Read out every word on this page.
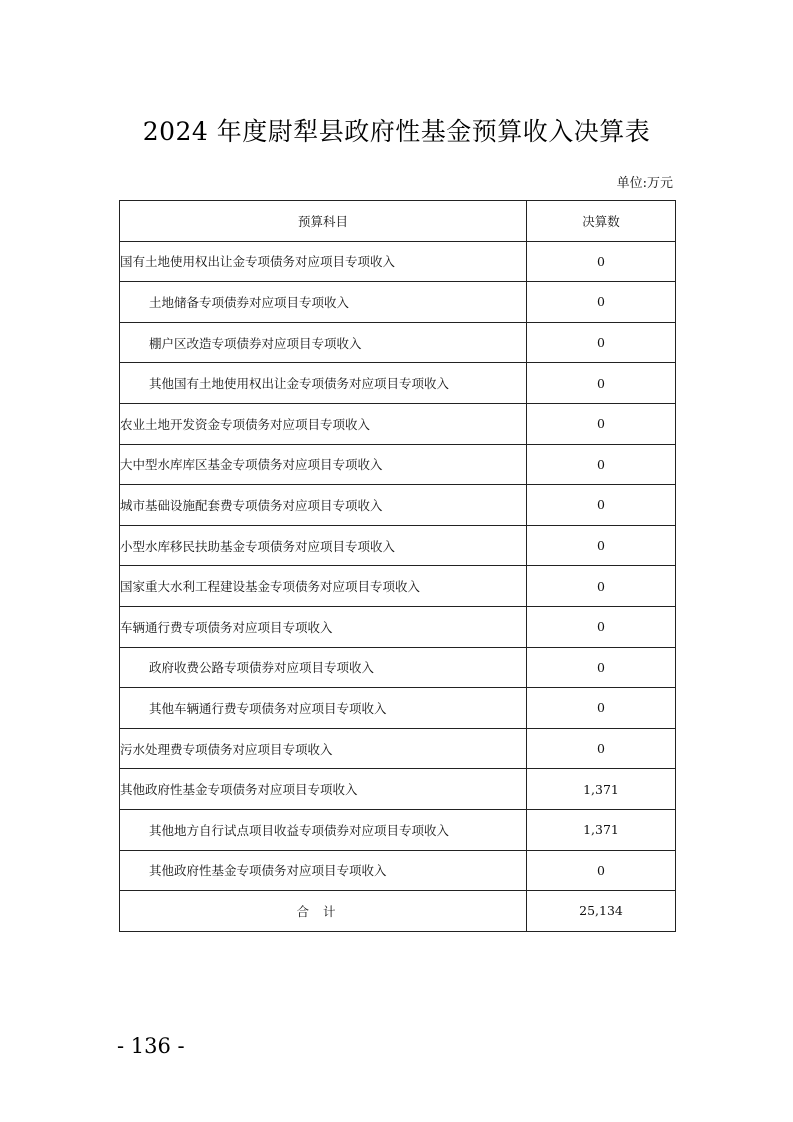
2024 年度尉犁县政府性基金预算收入决算表
单位:万元
预算科目	决算数
国有土地使用权出让金专项债务对应项目专项收入	0
土地储备专项债券对应项目专项收入	0
棚户区改造专项债券对应项目专项收入	0
其他国有土地使用权出让金专项债务对应项目专项收入	0
农业土地开发资金专项债务对应项目专项收入	0
大中型水库库区基金专项债务对应项目专项收入	0
城市基础设施配套费专项债务对应项目专项收入	0
小型水库移民扶助基金专项债务对应项目专项收入	0
国家重大水利工程建设基金专项债务对应项目专项收入	0
车辆通行费专项债务对应项目专项收入	0
政府收费公路专项债券对应项目专项收入	0
其他车辆通行费专项债务对应项目专项收入	0
污水处理费专项债务对应项目专项收入	0
其他政府性基金专项债务对应项目专项收入	1,371
其他地方自行试点项目收益专项债券对应项目专项收入	1,371
其他政府性基金专项债务对应项目专项收入	0
合计	25,134
- 136 -
